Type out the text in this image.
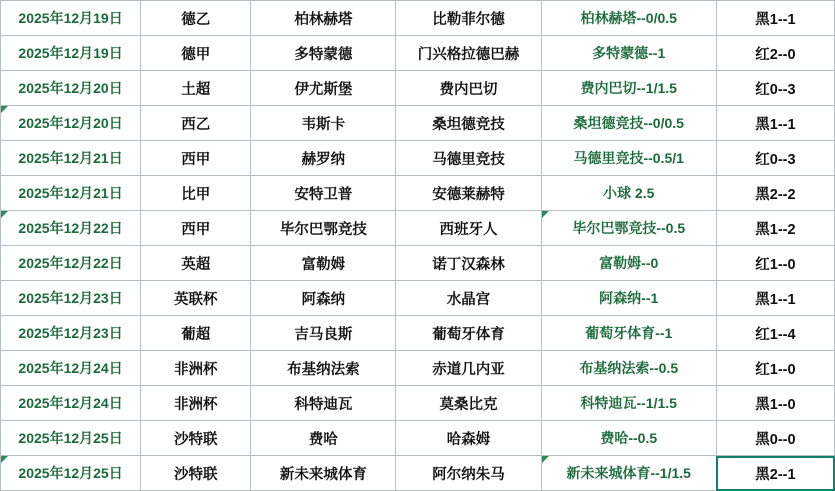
2025年12月19日	德乙	柏林赫塔	比勒菲尔德	柏林赫塔--0/0.5	黑1--1
2025年12月19日	德甲	多特蒙德	门兴格拉德巴赫	多特蒙德--1	红2--0
2025年12月20日	土超	伊尤斯堡	费内巴切	费内巴切--1/1.5	红0--3
2025年12月20日	西乙	韦斯卡	桑坦德竞技	桑坦德竞技--0/0.5	黑1--1
2025年12月21日	西甲	赫罗纳	马德里竞技	马德里竞技--0.5/1	红0--3
2025年12月21日	比甲	安特卫普	安德莱赫特	小球 2.5	黑2--2
2025年12月22日	西甲	毕尔巴鄂竞技	西班牙人	毕尔巴鄂竞技--0.5	黑1--2
2025年12月22日	英超	富勒姆	诺丁汉森林	富勒姆--0	红1--0
2025年12月23日	英联杯	阿森纳	水晶宫	阿森纳--1	黑1--1
2025年12月23日	葡超	吉马良斯	葡萄牙体育	葡萄牙体育--1	红1--4
2025年12月24日	非洲杯	布基纳法索	赤道几内亚	布基纳法索--0.5	红1--0
2025年12月24日	非洲杯	科特迪瓦	莫桑比克	科特迪瓦--1/1.5	黑1--0
2025年12月25日	沙特联	费哈	哈森姆	费哈--0.5	黑0--0
2025年12月25日	沙特联	新未来城体育	阿尔纳朱马	新未来城体育--1/1.5	黑2--1
